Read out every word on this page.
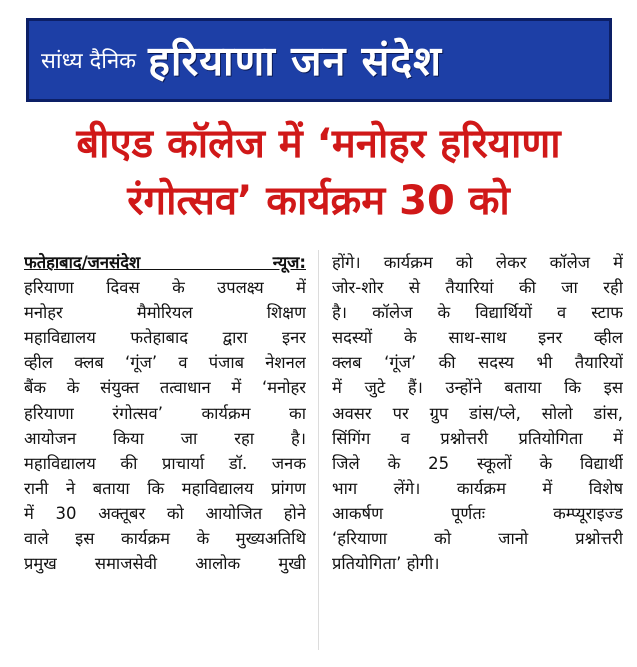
सांध्य दैनिक हरियाणा जन संदेश
बीएड कॉलेज में ‘मनोहर हरियाणा
रंगोत्सव’ कार्यक्रम 30 को
फतेहाबाद/जनसंदेश न्यूज:
हरियाणा दिवस के उपलक्ष्य में
मनोहर मैमोरियल शिक्षण
महाविद्यालय फतेहाबाद द्वारा इनर
व्हील क्लब ‘गूंज’ व पंजाब नेशनल
बैंक के संयुक्त तत्वाधान में ‘मनोहर
हरियाणा रंगोत्सव’ कार्यक्रम का
आयोजन किया जा रहा है।
महाविद्यालय की प्राचार्या डॉ. जनक
रानी ने बताया कि महाविद्यालय प्रांगण
में 30 अक्तूबर को आयोजित होने
वाले इस कार्यक्रम के मुख्यअतिथि
प्रमुख समाजसेवी आलोक मुखी
होंगे। कार्यक्रम को लेकर कॉलेज में
जोर-शोर से तैयारियां की जा रही
है। कॉलेज के विद्यार्थियों व स्टाफ
सदस्यों के साथ-साथ इनर व्हील
क्लब ‘गूंज’ की सदस्य भी तैयारियों
में जुटे हैं। उन्होंने बताया कि इस
अवसर पर ग्रुप डांस/प्ले, सोलो डांस,
सिंगिंग व प्रश्नोत्तरी प्रतियोगिता में
जिले के 25 स्कूलों के विद्यार्थी
भाग लेंगे। कार्यक्रम में विशेष
आकर्षण पूर्णतः कम्प्यूराइज्ड
‘हरियाणा को जानो प्रश्नोत्तरी
प्रतियोगिता’ होगी।
